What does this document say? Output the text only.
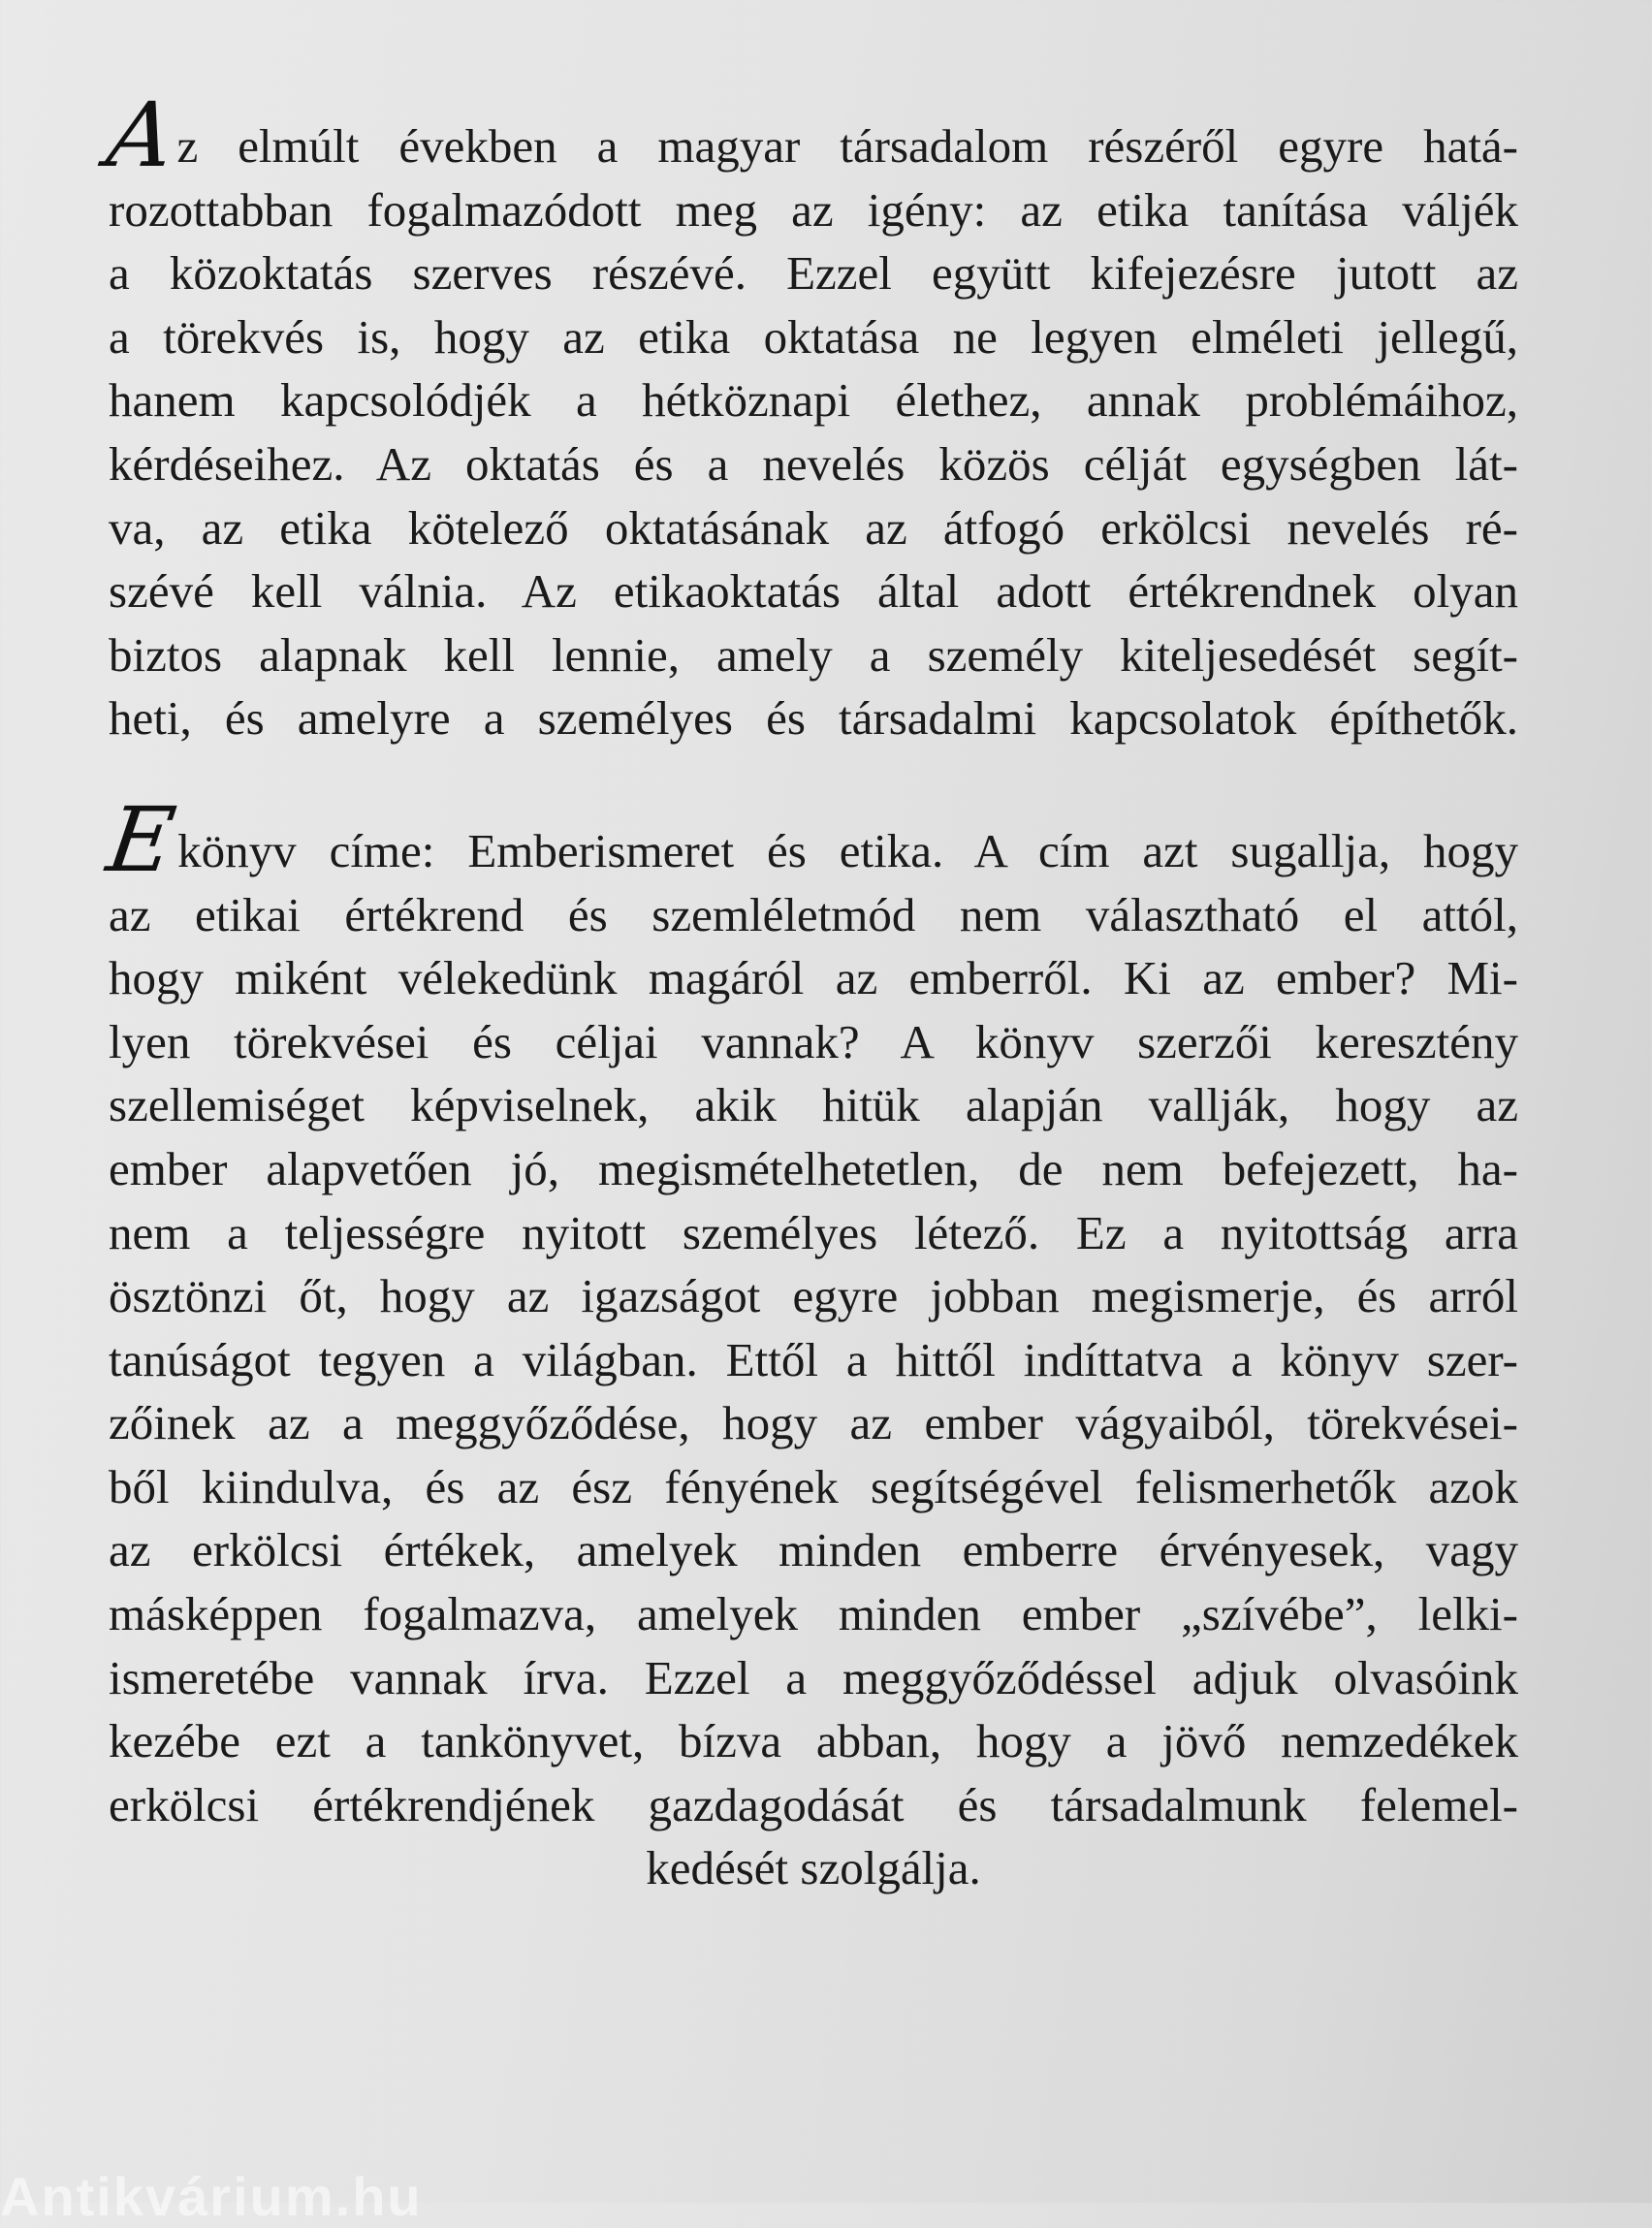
Az elmúlt években a magyar társadalom részéről egyre hatá-
rozottabban fogalmazódott meg az igény: az etika tanítása váljék
a közoktatás szerves részévé. Ezzel együtt kifejezésre jutott az
a törekvés is, hogy az etika oktatása ne legyen elméleti jellegű,
hanem kapcsolódjék a hétköznapi élethez, annak problémáihoz,
kérdéseihez. Az oktatás és a nevelés közös célját egységben lát-
va, az etika kötelező oktatásának az átfogó erkölcsi nevelés ré-
szévé kell válnia. Az etikaoktatás által adott értékrendnek olyan
biztos alapnak kell lennie, amely a személy kiteljesedését segít-
heti, és amelyre a személyes és társadalmi kapcsolatok építhetők.
Ekönyv címe: Emberismeret és etika. A cím azt sugallja, hogy
az etikai értékrend és szemléletmód nem választható el attól,
hogy miként vélekedünk magáról az emberről. Ki az ember? Mi-
lyen törekvései és céljai vannak? A könyv szerzői keresztény
szellemiséget képviselnek, akik hitük alapján vallják, hogy az
ember alapvetően jó, megismételhetetlen, de nem befejezett, ha-
nem a teljességre nyitott személyes létező. Ez a nyitottság arra
ösztönzi őt, hogy az igazságot egyre jobban megismerje, és arról
tanúságot tegyen a világban. Ettől a hittől indíttatva a könyv szer-
zőinek az a meggyőződése, hogy az ember vágyaiból, törekvései-
ből kiindulva, és az ész fényének segítségével felismerhetők azok
az erkölcsi értékek, amelyek minden emberre érvényesek, vagy
másképpen fogalmazva, amelyek minden ember „szívébe”, lelki-
ismeretébe vannak írva. Ezzel a meggyőződéssel adjuk olvasóink
kezébe ezt a tankönyvet, bízva abban, hogy a jövő nemzedékek
erkölcsi értékrendjének gazdagodását és társadalmunk felemel-
kedését szolgálja.
Antikvárium.hu
